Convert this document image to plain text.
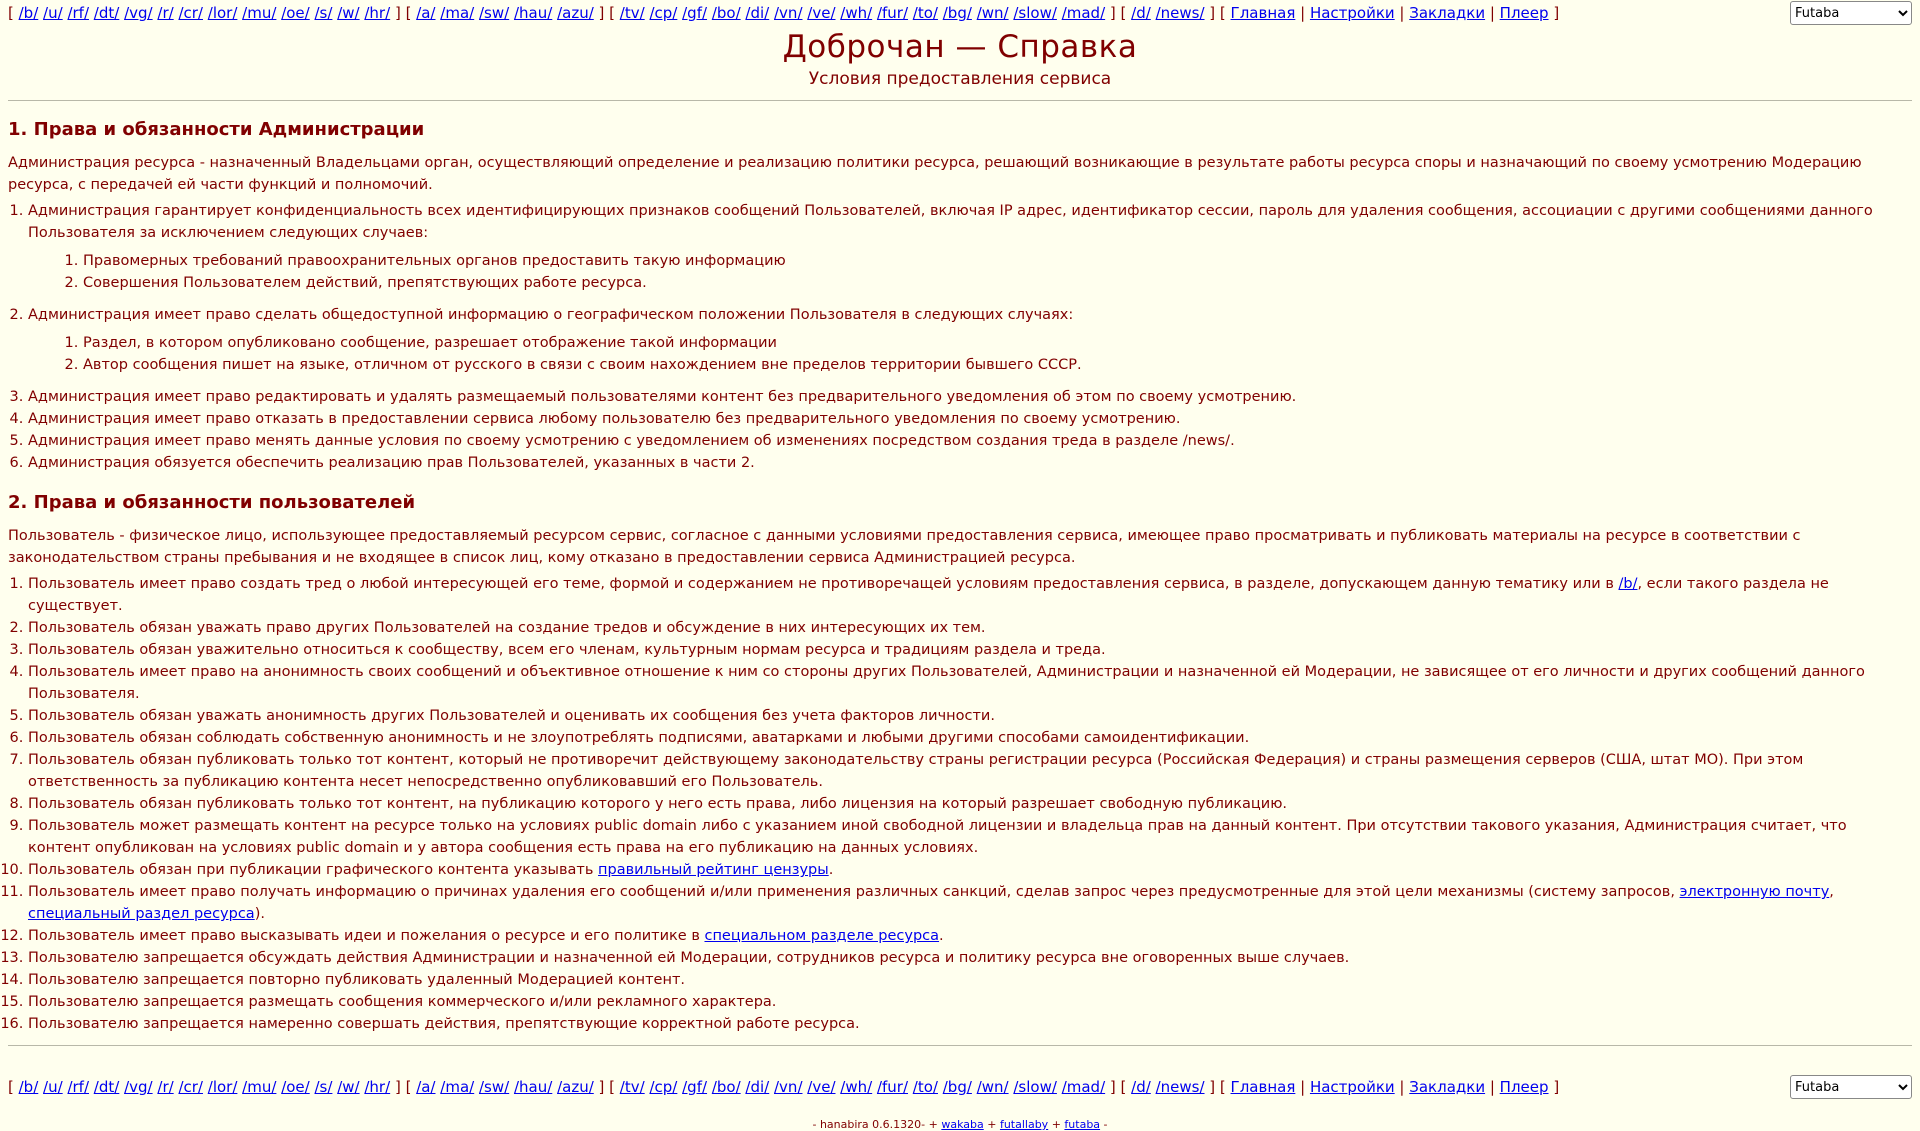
[ /b/ /u/ /rf/ /dt/ /vg/ /r/ /cr/ /lor/ /mu/ /oe/ /s/ /w/ /hr/ ] [ /a/ /ma/ /sw/ /hau/ /azu/ ] [ /tv/ /cp/ /gf/ /bo/ /di/ /vn/ /ve/ /wh/ /fur/ /to/ /bg/ /wn/ /slow/ /mad/ ] [ /d/ /news/ ] [ Главная | Настройки | Закладки | Плеер ]
Futaba
Доброчан — Справка
Условия предоставления сервиса
1. Права и обязанности Администрации

Администрация ресурса - назначенный Владельцами орган, осуществляющий определение и реализацию политики ресурса, решающий возникающие в результате работы ресурса споры и назначающий по своему усмотрению Модерацию ресурса, с передачей ей части функций и полномочий.

1. Администрация гарантирует конфиденциальность всех идентифицирующих признаков сообщений Пользователей, включая IP адрес, идентификатор сессии, пароль для удаления сообщения, ассоциации с другими сообщениями данного Пользователя за исключением следующих случаев:
• Правомерных требований правоохранительных органов предоставить такую информацию
• Совершения Пользователем действий, препятствующих работе ресурса.
2. Администрация имеет право сделать общедоступной информацию о географическом положении Пользователя в следующих случаях:
• Раздел, в котором опубликовано сообщение, разрешает отображение такой информации
• Автор сообщения пишет на языке, отличном от русского в связи с своим нахождением вне пределов территории бывшего СССР.
3. Администрация имеет право редактировать и удалять размещаемый пользователями контент без предварительного уведомления об этом по своему усмотрению.
4. Администрация имеет право отказать в предоставлении сервиса любому пользователю без предварительного уведомления по своему усмотрению.
5. Администрация имеет право менять данные условия по своему усмотрению с уведомлением об изменениях посредством создания треда в разделе /news/.
6. Администрация обязуется обеспечить реализацию прав Пользователей, указанных в части 2.
2. Права и обязанности пользователей

Пользователь - физическое лицо, использующее предоставляемый ресурсом сервис, согласное с данными условиями предоставления сервиса, имеющее право просматривать и публиковать материалы на ресурсе в соответствии с законодательством страны пребывания и не входящее в список лиц, кому отказано в предоставлении сервиса Администрацией ресурса.

1. Пользователь имеет право создать тред о любой интересующей его теме, формой и содержанием не противоречащей условиям предоставления сервиса, в разделе, допускающем данную тематику или в /b/, если такого раздела не существует.
2. Пользователь обязан уважать право других Пользователей на создание тредов и обсуждение в них интересующих их тем.
3. Пользователь обязан уважительно относиться к сообществу, всем его членам, культурным нормам ресурса и традициям раздела и треда.
4. Пользователь имеет право на анонимность своих сообщений и объективное отношение к ним со стороны других Пользователей, Администрации и назначенной ей Модерации, не зависящее от его личности и других сообщений данного Пользователя.
5. Пользователь обязан уважать анонимность других Пользователей и оценивать их сообщения без учета факторов личности.
6. Пользователь обязан соблюдать собственную анонимность и не злоупотреблять подписями, аватарками и любыми другими способами самоидентификации.
7. Пользователь обязан публиковать только тот контент, который не противоречит действующему законодательству страны регистрации ресурса (Российская Федерация) и страны размещения серверов (США, штат МО). При этом ответственность за публикацию контента несет непосредственно опубликовавший его Пользователь.
8. Пользователь обязан публиковать только тот контент, на публикацию которого у него есть права, либо лицензия на который разрешает свободную публикацию.
9. Пользователь может размещать контент на ресурсе только на условиях public domain либо с указанием иной свободной лицензии и владельца прав на данный контент. При отсутствии такового указания, Администрация считает, что контент опубликован на условиях public domain и у автора сообщения есть права на его публикацию на данных условиях.
10. Пользователь обязан при публикации графического контента указывать правильный рейтинг цензуры.
11. Пользователь имеет право получать информацию о причинах удаления его сообщений и/или применения различных санкций, сделав запрос через предусмотренные для этой цели механизмы (систему запросов, электронную почту, специальный раздел ресурса).
12. Пользователь имеет право высказывать идеи и пожелания о ресурсе и его политике в специальном разделе ресурса.
13. Пользователю запрещается обсуждать действия Администрации и назначенной ей Модерации, сотрудников ресурса и политику ресурса вне оговоренных выше случаев.
14. Пользователю запрещается повторно публиковать удаленный Модерацией контент.
15. Пользователю запрещается размещать сообщения коммерческого и/или рекламного характера.
16. Пользователю запрещается намеренно совершать действия, препятствующие корректной работе ресурса.
[ /b/ /u/ /rf/ /dt/ /vg/ /r/ /cr/ /lor/ /mu/ /oe/ /s/ /w/ /hr/ ] [ /a/ /ma/ /sw/ /hau/ /azu/ ] [ /tv/ /cp/ /gf/ /bo/ /di/ /vn/ /ve/ /wh/ /fur/ /to/ /bg/ /wn/ /slow/ /mad/ ] [ /d/ /news/ ] [ Главная | Настройки | Закладки | Плеер ]
Futaba
- hanabira 0.6.1320- + wakaba + futallaby + futaba -
